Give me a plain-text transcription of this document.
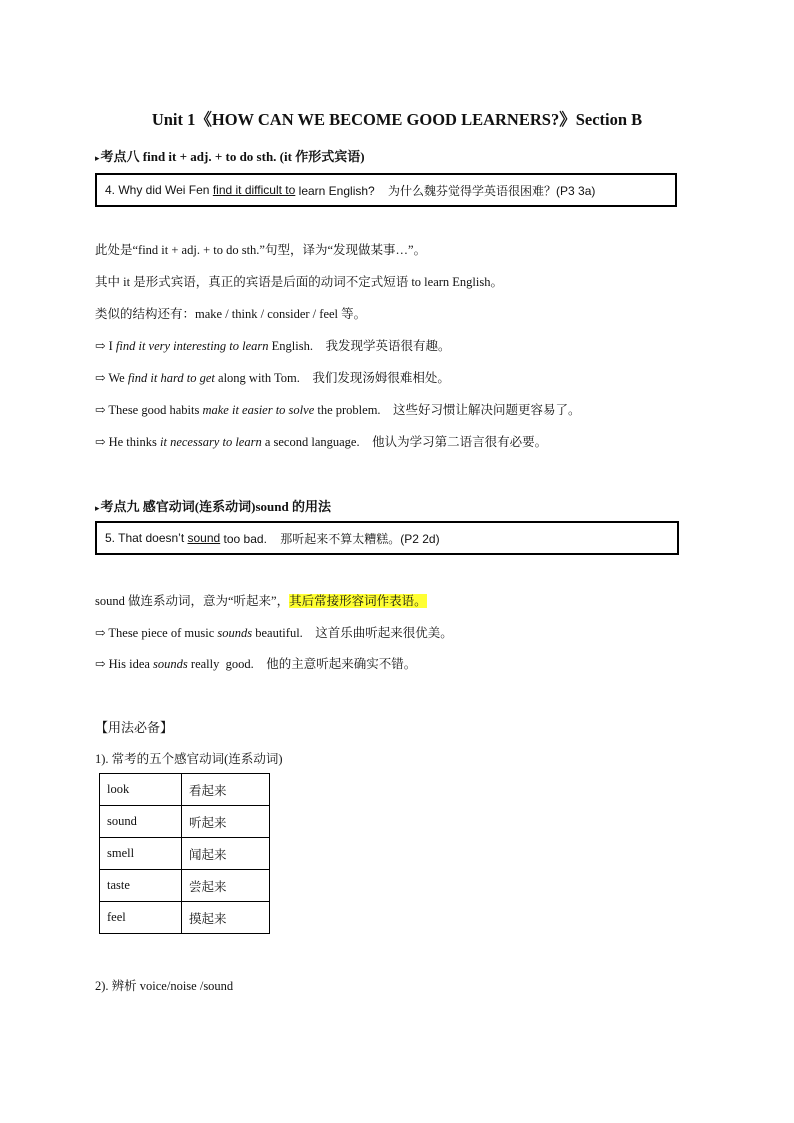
Unit 1《HOW CAN WE BECOME GOOD LEARNERS?》Section B
▸考点八 find it + adj. + to do sth. (it 作形式宾语)
4. Why did Wei Fen find it difficult to learn English?    为什么魏芬觉得学英语很困难？(P3 3a)
此处是“find it + adj. + to do sth.”句型，译为“发现做某事…”。
其中 it 是形式宾语，真正的宾语是后面的动词不定式短语 to learn English。
类似的结构还有：make / think / consider / feel 等。
⇨ I find it very interesting to learn English.    我发现学英语很有趣。
⇨ We find it hard to get along with Tom.    我们发现汤姆很难相处。
⇨ These good habits make it easier to solve the problem.    这些好习惯让解决问题更容易了。
⇨ He thinks it necessary to learn a second language.    他认为学习第二语言很有必要。
▸考点九 感官动词(连系动词)sound 的用法
5. That doesn’t sound too bad.    那听起来不算太糟糕。(P2 2d)
sound 做连系动词，意为“听起来”，其后常接形容词作表语。
⇨ These piece of music sounds beautiful.    这首乐曲听起来很优美。
⇨ His idea sounds really  good.    他的主意听起来确实不错。
【用法必备】
1). 常考的五个感官动词(连系动词)
look	看起来
sound	听起来
smell	闻起来
taste	尝起来
feel	摸起来
2). 辨析 voice/noise /sound
